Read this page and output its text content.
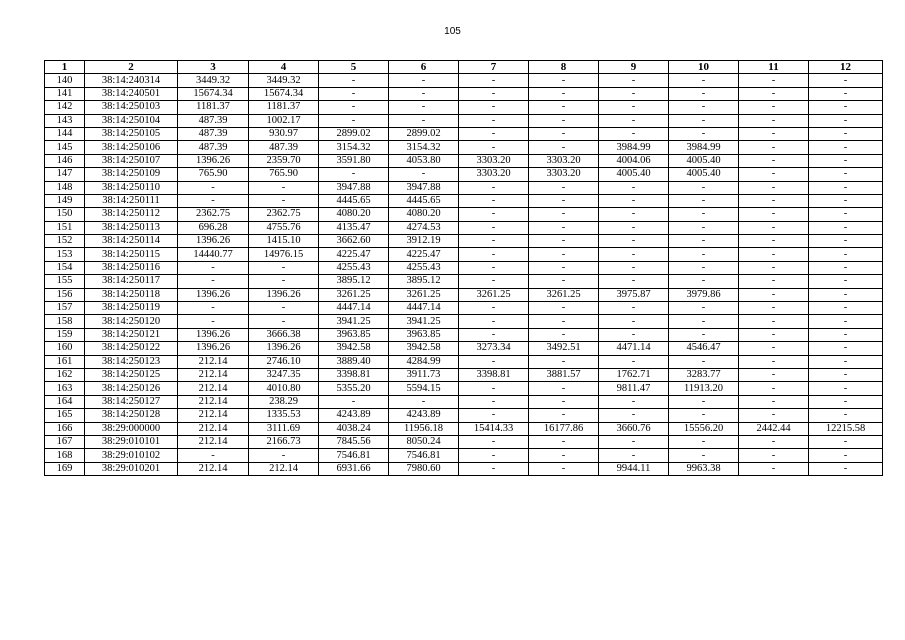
105
1	2	3	4	5	6	7	8	9	10	11	12
140	38:14:240314	3449.32	3449.32	-	-	-	-	-	-	-	-
141	38:14:240501	15674.34	15674.34	-	-	-	-	-	-	-	-
142	38:14:250103	1181.37	1181.37	-	-	-	-	-	-	-	-
143	38:14:250104	487.39	1002.17	-	-	-	-	-	-	-	-
144	38:14:250105	487.39	930.97	2899.02	2899.02	-	-	-	-	-	-
145	38:14:250106	487.39	487.39	3154.32	3154.32	-	-	3984.99	3984.99	-	-
146	38:14:250107	1396.26	2359.70	3591.80	4053.80	3303.20	3303.20	4004.06	4005.40	-	-
147	38:14:250109	765.90	765.90	-	-	3303.20	3303.20	4005.40	4005.40	-	-
148	38:14:250110	-	-	3947.88	3947.88	-	-	-	-	-	-
149	38:14:250111	-	-	4445.65	4445.65	-	-	-	-	-	-
150	38:14:250112	2362.75	2362.75	4080.20	4080.20	-	-	-	-	-	-
151	38:14:250113	696.28	4755.76	4135.47	4274.53	-	-	-	-	-	-
152	38:14:250114	1396.26	1415.10	3662.60	3912.19	-	-	-	-	-	-
153	38:14:250115	14440.77	14976.15	4225.47	4225.47	-	-	-	-	-	-
154	38:14:250116	-	-	4255.43	4255.43	-	-	-	-	-	-
155	38:14:250117	-	-	3895.12	3895.12	-	-	-	-	-	-
156	38:14:250118	1396.26	1396.26	3261.25	3261.25	3261.25	3261.25	3975.87	3979.86	-	-
157	38:14:250119	-	-	4447.14	4447.14	-	-	-	-	-	-
158	38:14:250120	-	-	3941.25	3941.25	-	-	-	-	-	-
159	38:14:250121	1396.26	3666.38	3963.85	3963.85	-	-	-	-	-	-
160	38:14:250122	1396.26	1396.26	3942.58	3942.58	3273.34	3492.51	4471.14	4546.47	-	-
161	38:14:250123	212.14	2746.10	3889.40	4284.99	-	-	-	-	-	-
162	38:14:250125	212.14	3247.35	3398.81	3911.73	3398.81	3881.57	1762.71	3283.77	-	-
163	38:14:250126	212.14	4010.80	5355.20	5594.15	-	-	9811.47	11913.20	-	-
164	38:14:250127	212.14	238.29	-	-	-	-	-	-	-	-
165	38:14:250128	212.14	1335.53	4243.89	4243.89	-	-	-	-	-	-
166	38:29:000000	212.14	3111.69	4038.24	11956.18	15414.33	16177.86	3660.76	15556.20	2442.44	12215.58
167	38:29:010101	212.14	2166.73	7845.56	8050.24	-	-	-	-	-	-
168	38:29:010102	-	-	7546.81	7546.81	-	-	-	-	-	-
169	38:29:010201	212.14	212.14	6931.66	7980.60	-	-	9944.11	9963.38	-	-
